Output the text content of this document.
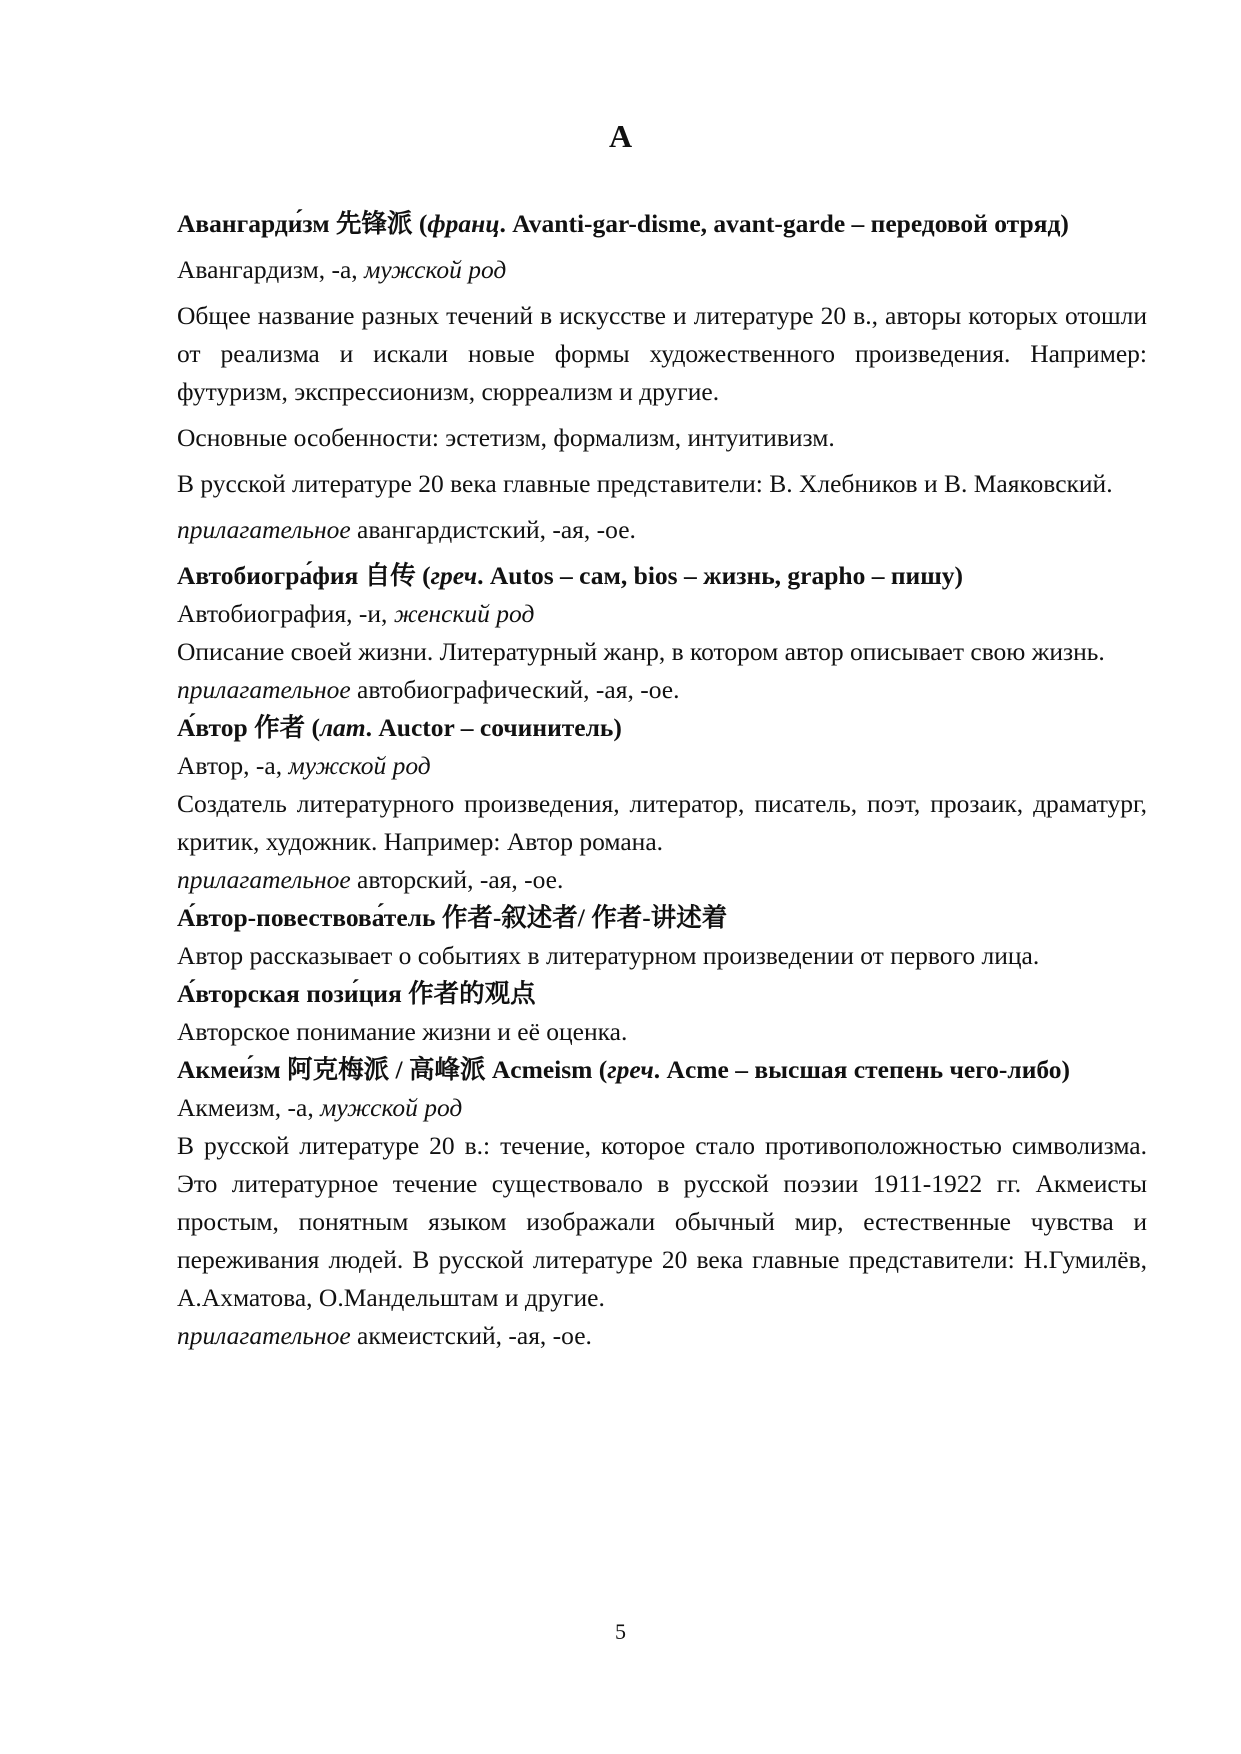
А

Авангарди́зм 先锋派 (франц. Avanti-gar-disme, avant-garde – передовой отряд)

Авангардизм, -а, мужской род

Общее название разных течений в искусстве и литературе 20 в., авторы которых отошли от реализма и искали новые формы художественного произведения. Например: футуризм, экспрессионизм, сюрреализм и другие.

Основные особенности: эстетизм, формализм, интуитивизм.

В русской литературе 20 века главные представители: В. Хлебников и В. Маяковский.

прилагательное авангардистский, -ая, -ое.

Автобиогра́фия 自传 (греч. Autos – сам, bios – жизнь, grapho – пишу)

Автобиография, -и, женский род

Описание своей жизни. Литературный жанр, в котором автор описывает свою жизнь.

прилагательное автобиографический, -ая, -ое.

А́втор 作者 (лат. Auctor – сочинитель)

Автор, -а, мужской род

Создатель литературного произведения, литератор, писатель, поэт, прозаик, драматург, критик, художник. Например: Автор романа.

прилагательное авторский, -ая, -ое.

А́втор-повествова́тель 作者-叙述者/ 作者-讲述着

Автор рассказывает о событиях в литературном произведении от первого лица.

А́вторская пози́ция 作者的观点

Авторское понимание жизни и её оценка.

Акмеи́зм 阿克梅派 / 高峰派 Acmeism (греч. Acme – высшая степень чего-либо)

Акмеизм, -а, мужской род

В русской литературе 20 в.: течение, которое стало противоположностью символизма. Это литературное течение существовало в русской поэзии 1911-1922 гг. Акмеисты простым, понятным языком изображали обычный мир, естественные чувства и переживания людей. В русской литературе 20 века главные представители: Н.Гумилёв, А.Ахматова, О.Мандельштам и другие.

прилагательное акмеистский, -ая, -ое.

5
